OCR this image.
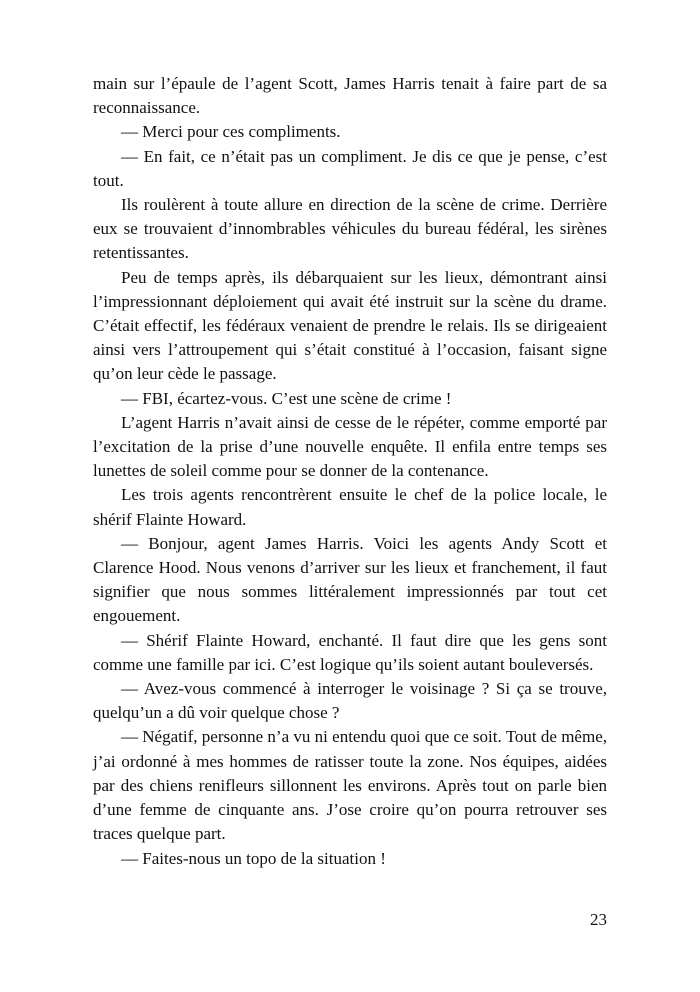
main sur l’épaule de l’agent Scott, James Harris tenait à faire part de sa reconnaissance.

— Merci pour ces compliments.

— En fait, ce n’était pas un compliment. Je dis ce que je pense, c’est tout.

Ils roulèrent à toute allure en direction de la scène de crime. Derrière eux se trouvaient d’innombrables véhicules du bureau fédéral, les sirènes retentissantes.

Peu de temps après, ils débarquaient sur les lieux, démontrant ainsi l’impressionnant déploiement qui avait été instruit sur la scène du drame. C’était effectif, les fédéraux venaient de prendre le relais. Ils se dirigeaient ainsi vers l’attroupement qui s’était constitué à l’occasion, faisant signe qu’on leur cède le passage.

— FBI, écartez-vous. C’est une scène de crime !

L’agent Harris n’avait ainsi de cesse de le répéter, comme emporté par l’excitation de la prise d’une nouvelle enquête. Il enfila entre temps ses lunettes de soleil comme pour se donner de la contenance.

Les trois agents rencontrèrent ensuite le chef de la police locale, le shérif Flainte Howard.

— Bonjour, agent James Harris. Voici les agents Andy Scott et Clarence Hood. Nous venons d’arriver sur les lieux et franchement, il faut signifier que nous sommes littéralement impressionnés par tout cet engouement.

— Shérif Flainte Howard, enchanté. Il faut dire que les gens sont comme une famille par ici. C’est logique qu’ils soient autant bouleversés.

— Avez-vous commencé à interroger le voisinage ? Si ça se trouve, quelqu’un a dû voir quelque chose ?

— Négatif, personne n’a vu ni entendu quoi que ce soit. Tout de même, j’ai ordonné à mes hommes de ratisser toute la zone. Nos équipes, aidées par des chiens renifleurs sillonnent les environs. Après tout on parle bien d’une femme de cinquante ans. J’ose croire qu’on pourra retrouver ses traces quelque part.

— Faites-nous un topo de la situation !

23
